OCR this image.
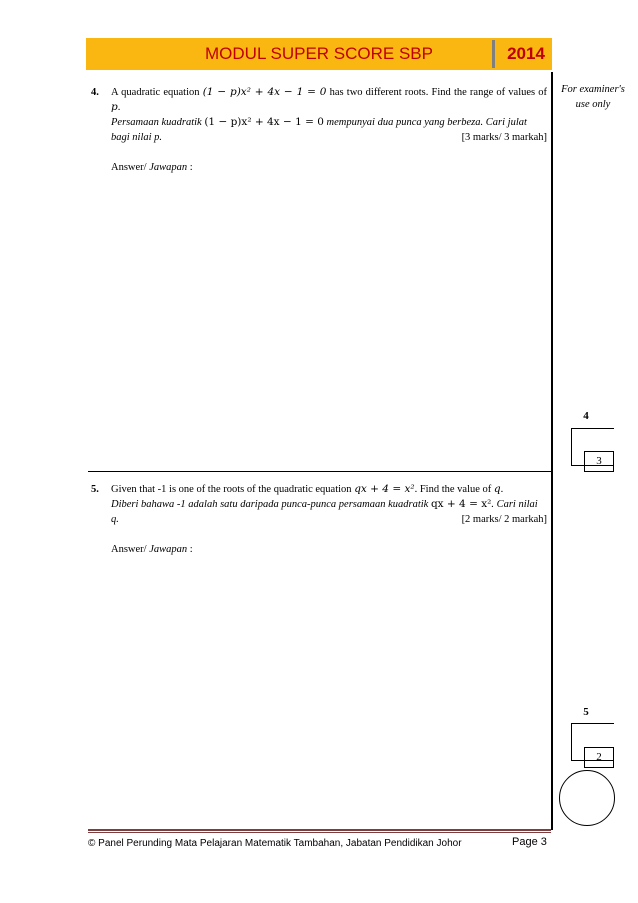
MODUL SUPER SCORE SBP	2014
For examiner's use only
4. A quadratic equation (1 − p)x² + 4x − 1 = 0 has two different roots. Find the range of values of p.
Persamaan kuadratik (1 − p)x² + 4x − 1 = 0 mempunyai dua punca yang berbeza. Cari julat bagi nilai p.	[3 marks/ 3 markah]
Answer/ Jawapan :
4
3
5. Given that -1 is one of the roots of the quadratic equation qx + 4 = x². Find the value of q.
Diberi bahawa -1 adalah satu daripada punca-punca persamaan kuadratik qx + 4 = x². Cari nilai q.	[2 marks/ 2 markah]
Answer/ Jawapan :
5
2
© Panel Perunding Mata Pelajaran Matematik Tambahan, Jabatan Pendidikan Johor	Page 3
